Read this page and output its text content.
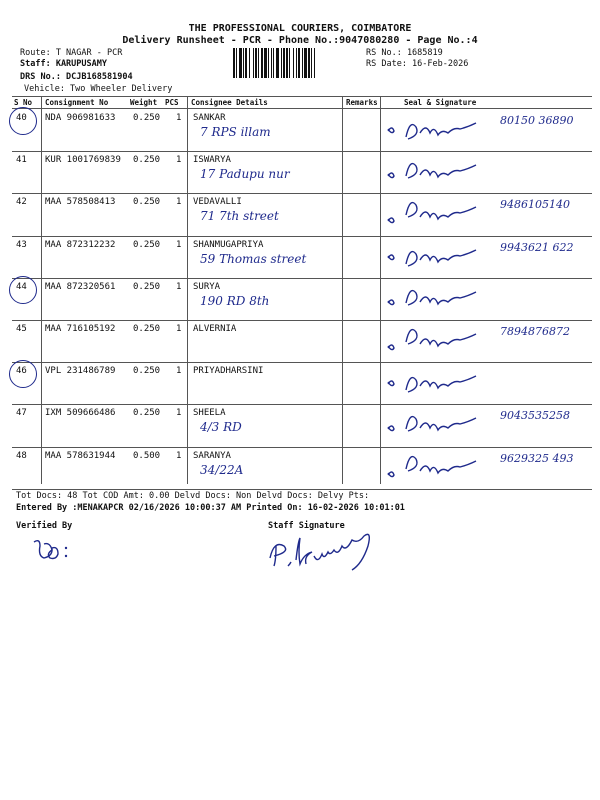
THE PROFESSIONAL COURIERS, COIMBATORE
Delivery Runsheet - PCR - Phone No.:9047080280 - Page No.:4
Route: T NAGAR - PCR
Staff: KARUPUSAMY
DRS No.: DCJB168581904
Vehicle: Two Wheeler Delivery
RS No.: 1685819
RS Date: 16-Feb-2026
S No Consignment No	Weight PCS Consignee Details	Remarks	Seal & Signature
40 NDA 906981633 0.250 1 SANKAR
7 RPS illam
80150 36890
41 KUR 1001769839 0.250 1 ISWARYA
17 Padupu nur
42 MAA 578508413 0.250 1 VEDAVALLI
71 7th street
9486105140
43 MAA 872312232 0.250 1 SHANMUGAPRIYA
59 Thomas street
9943621 622
44 MAA 872320561 0.250 1 SURYA
190 RD 8th
45 MAA 716105192 0.250 1 ALVERNIA	7894876872
46 VPL 231486789 0.250 1 PRIYADHARSINI
47 IXM 509666486 0.250 1 SHEELA
4/3 RD
9043535258
48 MAA 578631944 0.500 1 SARANYA
34/22A
9629325 493
Tot Docs: 48 Tot COD Amt: 0.00 Delvd Docs: Non Delvd Docs: Delvy Pts:
Entered By :MENAKAPCR 02/16/2026 10:00:37 AM Printed On: 16-02-2026 10:01:01
Verified By	Staff Signature
